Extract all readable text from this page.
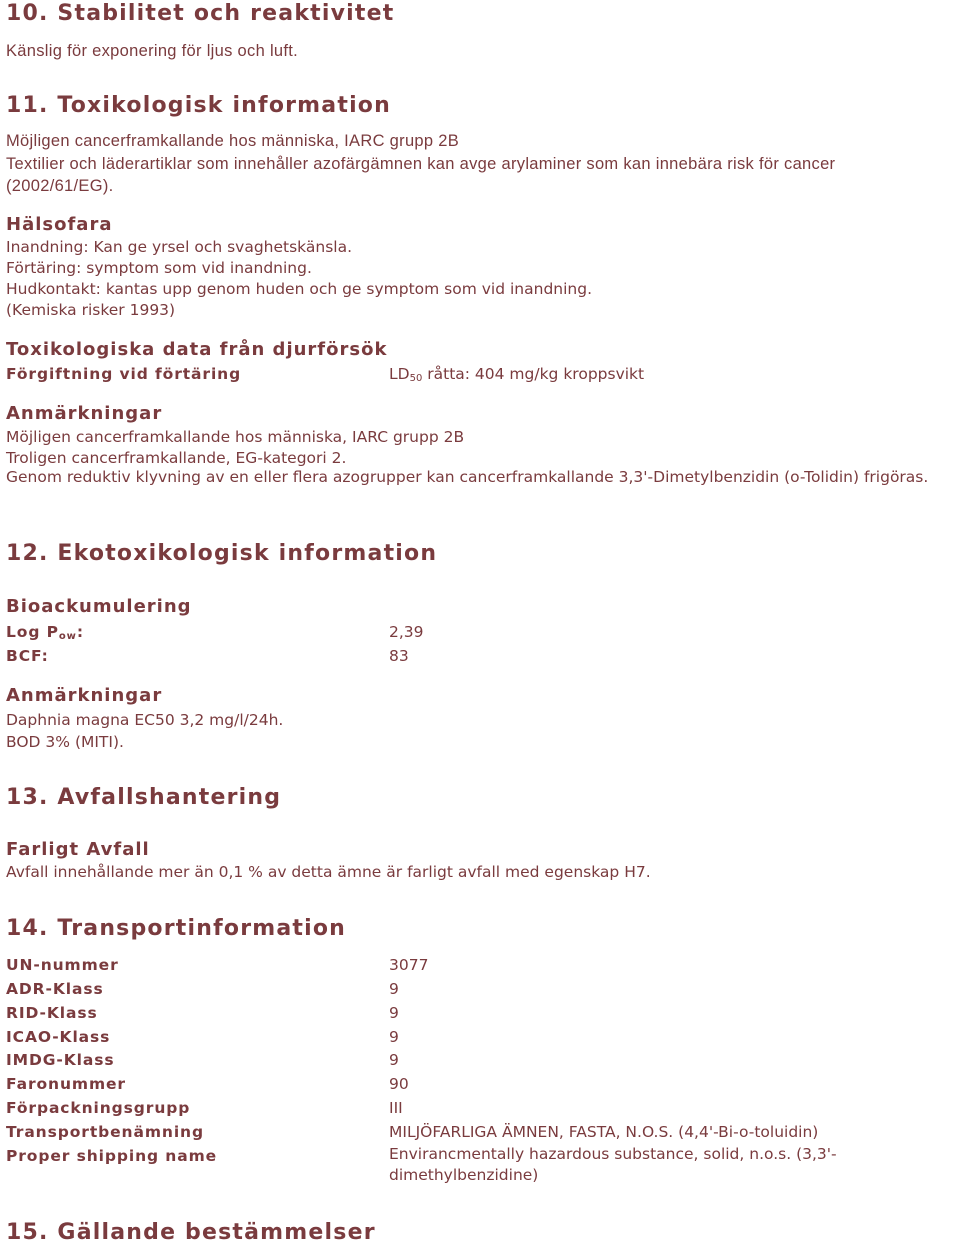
10. Stabilitet och reaktivitet
Känslig för exponering för ljus och luft.
11. Toxikologisk information
Möjligen cancerframkallande hos människa, IARC grupp 2B
Textilier och läderartiklar som innehåller azofärgämnen kan avge arylaminer som kan innebära risk för cancer
(2002/61/EG).
Hälsofara
Inandning: Kan ge yrsel och svaghetskänsla.
Förtäring: symptom som vid inandning.
Hudkontakt: kantas upp genom huden och ge symptom som vid inandning.
(Kemiska risker 1993)
Toxikologiska data från djurförsök
Förgiftning vid förtäring	$LD_{50}$ råtta: 404 mg/kg kroppsvikt
Anmärkningar
Möjligen cancerframkallande hos människa, IARC grupp 2B
Troligen cancerframkallande, EG-kategori 2.
Genom reduktiv klyvning av en eller flera azogrupper kan cancerframkallande 3,3'-Dimetylbenzidin (o-Tolidin) frigöras.
12. Ekotoxikologisk information
Bioackumulering
Log $P_{ow}$:	2,39
BCF:	83
Anmärkningar
Daphnia magna EC50 3,2 mg/l/24h.
BOD 3% (MITI).
13. Avfallshantering
Farligt Avfall
Avfall innehållande mer än 0,1 % av detta ämne är farligt avfall med egenskap H7.
14. Transportinformation
UN-nummer	3077
ADR-Klass	9
RID-Klass	9
ICAO-Klass	9
IMDG-Klass	9
Faronummer	90
Förpackningsgrupp	III
Transportbenämning	MILJÖFARLIGA ÄMNEN, FASTA, N.O.S. (4,4'-Bi-o-toluidin)
Proper shipping name	Envirancmentally hazardous substance, solid, n.o.s. (3,3'-dimethylbenzidine)
15. Gällande bestämmelser
